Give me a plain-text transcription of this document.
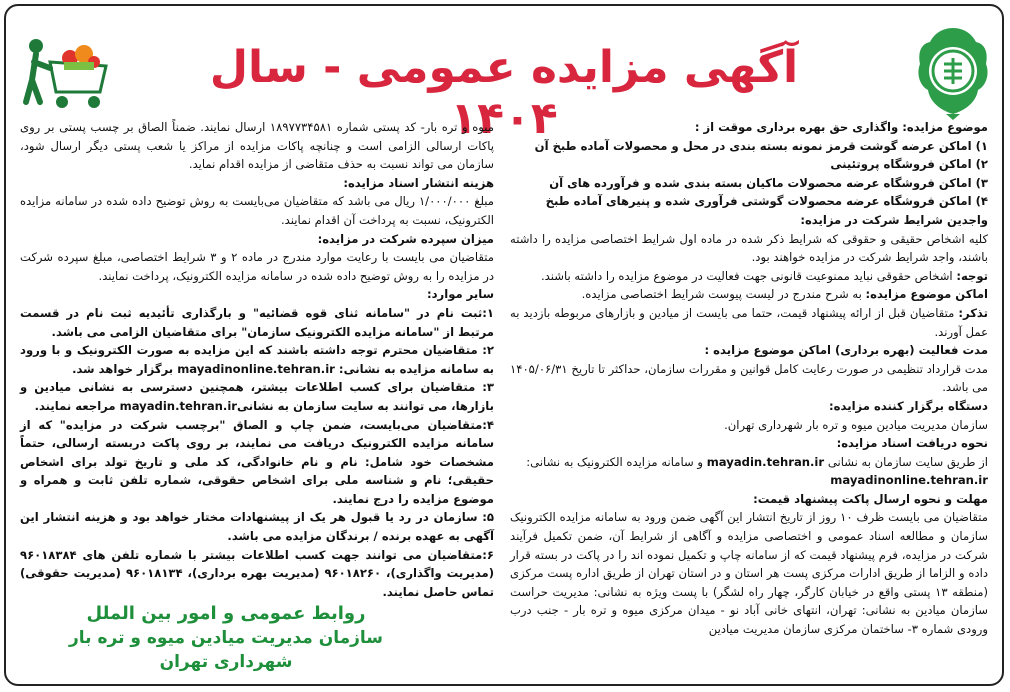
آگهی مزایده عمومی - سال ۱۴۰۴	موضوع مزایده: واگذاری حق بهره برداری موقت از :

۱) اماکن عرضه گوشت قرمز نمونه بسته بندی در محل و محصولات آماده طبخ آن

۲) اماکن فروشگاه پروتئینی

۳) اماکن فروشگاه عرضه محصولات ماکیان بسته بندی شده و فرآورده های آن

۴) اماکن فروشگاه عرضه محصولات گوشتی فرآوری شده و پنیرهای آماده طبخ

واجدین شرایط شرکت در مزایده:

کلیه اشخاص حقیقی و حقوقی که شرایط ذکر شده در ماده اول شرایط اختصاصی مزایده را داشته باشند، واجد شرایط شرکت در مزایده خواهند بود.

توجه: اشخاص حقوقی نباید ممنوعیت قانونی جهت فعالیت در موضوع مزایده را داشته باشند.

اماکن موضوع مزایده: به شرح مندرج در لیست پیوست شرایط اختصاصی مزایده.

تذکر: متقاضیان قبل از ارائه پیشنهاد قیمت، حتما می بایست از میادین و بازارهای مربوطه بازدید به عمل آورند.

مدت فعالیت (بهره برداری) اماکن موضوع مزایده :

مدت قرارداد تنظیمی در صورت رعایت کامل قوانین و مقررات سازمان، حداکثر تا تاریخ ۱۴۰۵/۰۶/۳۱ می باشد.

دستگاه برگزار کننده مزایده:

سازمان مدیریت میادین میوه و تره بار شهرداری تهران.

نحوه دریافت اسناد مزایده:

از طریق سایت سازمان به نشانی mayadin.tehran.ir و سامانه مزایده الکترونیک به نشانی:

mayadinonline.tehran.ir

مهلت و نحوه ارسال پاکت پیشنهاد قیمت:

متقاضیان می بایست ظرف ۱۰ روز از تاریخ انتشار این آگهی ضمن ورود به سامانه مزایده الکترونیک سازمان و مطالعه اسناد عمومی و اختصاصی مزایده و آگاهی از شرایط آن، ضمن تکمیل فرآیند شرکت در مزایده، فرم پیشنهاد قیمت که از سامانه چاپ و تکمیل نموده اند را در پاکت در بسته قرار داده و الزاما از طریق ادارات مرکزی پست هر استان و در استان تهران از طریق اداره پست مرکزی (منطقه ۱۳ پستی واقع در خیابان کارگر، چهار راه لشگر) با پست ویژه به نشانی: مدیریت حراست سازمان میادین به نشانی: تهران، انتهای خانی آباد نو - میدان مرکزی میوه و تره بار - جنب درب ورودی شماره ۳- ساختمان مرکزی سازمان مدیریت میادین

میوه و تره بار- کد پستی شماره ۱۸۹۷۷۳۴۵۸۱ ارسال نمایند. ضمناً الصاق بر چسب پستی بر روی پاکات ارسالی الزامی است و چنانچه پاکات مزایده از مراکز یا شعب پستی دیگر ارسال شود، سازمان می تواند نسبت به حذف متقاضی از مزایده اقدام نماید.

هزینه انتشار اسناد مزایده:

مبلغ ۱/۰۰۰/۰۰۰ ریال می باشد که متقاضیان می‌بایست به روش توضیح داده شده در سامانه مزایده الکترونیک، نسبت به پرداخت آن اقدام نمایند.

میزان سپرده شرکت در مزایده:

متقاضیان می بایست با رعایت موارد مندرج در ماده ۲ و ۳ شرایط اختصاصی، مبلغ سپرده شرکت در مزایده را به روش توضیح داده شده در سامانه مزایده الکترونیک، پرداخت نمایند.

سایر موارد:

۱:ثبت نام در "سامانه ثنای قوه قضائیه" و بارگذاری تأئیدیه ثبت نام در قسمت مرتبط از "سامانه مزایده الکترونیک سازمان" برای متقاضیان الزامی می باشد.

۲: متقاضیان محترم توجه داشته باشند که این مزایده به صورت الکترونیک و با ورود به سامانه مزایده به نشانی: mayadinonline.tehran.ir برگزار خواهد شد.

۳: متقاضیان برای کسب اطلاعات بیشتر، همچنین دسترسی به نشانی میادین و بازارها، می توانند به سایت سازمان به نشانیmayadin.tehran.ir مراجعه نمایند.

۴:متقاضیان می‌بایست، ضمن چاپ و الصاق "برچسب شرکت در مزایده" که از سامانه مزایده الکترونیک دریافت می نمایند، بر روی پاکت دربسته ارسالی، حتماً مشخصات خود شامل: نام و نام خانوادگی، کد ملی و تاریخ تولد برای اشخاص حقیقی؛ نام و شناسه ملی برای اشخاص حقوقی، شماره تلفن ثابت و همراه و موضوع مزایده را درج نمایند.

۵: سازمان در رد یا قبول هر یک از پیشنهادات مختار خواهد بود و هزینه انتشار این آگهی به عهده برنده / برندگان مزایده می باشد.

۶:متقاضیان می توانند جهت کسب اطلاعات بیشتر با شماره تلفن های ۹۶۰۱۸۳۸۴ (مدیریت واگذاری)، ۹۶۰۱۸۲۶۰ (مدیریت بهره برداری)، ۹۶۰۱۸۱۳۴ (مدیریت حقوقی) تماس حاصل نمایند.

روابط عمومی و امور بین الملل
سازمان مدیریت میادین میوه و تره بار شهرداری تهران
